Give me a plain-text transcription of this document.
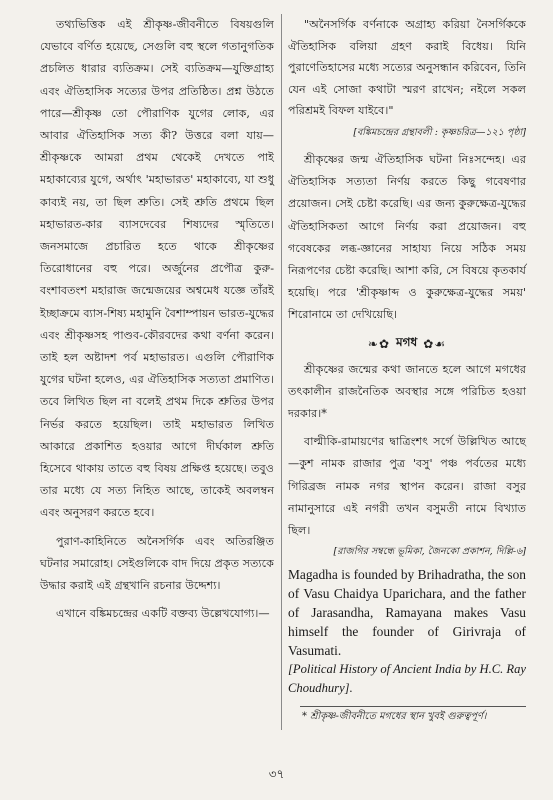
তথ্যভিত্তিক এই শ্রীকৃষ্ণ-জীবনীতে বিষয়গুলি যেভাবে বর্ণিত হয়েছে, সেগুলি বহু স্থলে গতানুগতিক প্রচলিত ধারার ব্যতিক্রম। সেই ব্যতিক্রম—যুক্তিগ্রাহ্য এবং ঐতিহাসিক সত্যের উপর প্রতিষ্ঠিত। প্রশ্ন উঠতে পারে—শ্রীকৃষ্ণ তো পৌরাণিক যুগের লোক, এর আবার ঐতিহাসিক সত্য কী? উত্তরে বলা যায়—শ্রীকৃষ্ণকে আমরা প্রথম থেকেই দেখতে পাই মহাকাব্যের যুগে, অর্থাৎ 'মহাভারত' মহাকাব্যে, যা শুধু কাব্যই নয়, তা ছিল শ্রুতি। সেই শ্রুতি প্রথমে ছিল মহাভারত-কার ব্যাসদেবের শিষ্যদের স্মৃতিতে। জনসমাজে প্রচারিত হতে থাকে শ্রীকৃষ্ণের তিরোধানের বহু পরে। অর্জুনের প্রপৌত্র কুরু-বংশাবতংশ মহারাজ জন্মেজয়ের অশ্বমেধ যজ্ঞে তাঁরই ইচ্ছাক্রমে ব্যাস-শিষ্য মহামুনি বৈশাম্পায়ন ভারত-যুদ্ধের এবং শ্রীকৃষ্ণসহ পাণ্ডব-কৌরবদের কথা বর্ণনা করেন। তাই হল অষ্টাদশ পর্ব মহাভারত। এগুলি পৌরাণিক যুগের ঘটনা হলেও, এর ঐতিহাসিক সত্যতা প্রমাণিত। তবে লিখিত ছিল না বলেই প্রথম দিকে শ্রুতির উপর নির্ভর করতে হয়েছিল। তাই মহাভারত লিখিত আকারে প্রকাশিত হওয়ার আগে দীর্ঘকাল শ্রুতি হিসেবে থাকায় তাতে বহু বিষয় প্রক্ষিপ্ত হয়েছে। তবুও তার মধ্যে যে সত্য নিহিত আছে, তাকেই অবলম্বন এবং অনুসরণ করতে হবে।

পুরাণ-কাহিনিতে অনৈসর্গিক এবং অতিরঞ্জিত ঘটনার সমারোহ। সেইগুলিকে বাদ দিয়ে প্রকৃত সত্যকে উদ্ধার করাই এই গ্রন্থখানি রচনার উদ্দেশ্য।

এখানে বঙ্কিমচন্দ্রের একটি বক্তব্য উল্লেখযোগ্য।—

"অনৈসর্গিক বর্ণনাকে অগ্রাহ্য করিয়া নৈসর্গিককে ঐতিহাসিক বলিয়া গ্রহণ করাই বিধেয়। যিনি পুরাণেতিহাসের মধ্যে সত্যের অনুসন্ধান করিবেন, তিনি যেন এই সোজা কথাটা স্মরণ রাখেন; নইলে সকল পরিশ্রমই বিফল যাইবে।"

[বঙ্কিমচন্দ্রের গ্রন্থাবলী : কৃষ্ণচরিত্র—১২১ পৃষ্ঠা]

শ্রীকৃষ্ণের জন্ম ঐতিহাসিক ঘটনা নিঃসন্দেহ। এর ঐতিহাসিক সত্যতা নির্ণয় করতে কিছু গবেষণার প্রয়োজন। সেই চেষ্টা করেছি। এর জন্য কুরুক্ষেত্র-যুদ্ধের ঐতিহাসিকতা আগে নির্ণয় করা প্রয়োজন। বহু গবেষকের লব্ধ-জ্ঞানের সাহায্য নিয়ে সঠিক সময় নিরূপণের চেষ্টা করেছি। আশা করি, সে বিষয়ে কৃতকার্য হয়েছি। পরে 'শ্রীকৃষ্ণাব্দ ও কুরুক্ষেত্র-যুদ্ধের সময়' শিরোনামে তা দেখিয়েছি।

❧✿ মগধ ✿☙

শ্রীকৃষ্ণের জন্মের কথা জানতে হলে আগে মগধের তৎকালীন রাজনৈতিক অবস্থার সঙ্গে পরিচিত হওয়া দরকার।*

বাল্মীকি-রামায়ণের দ্বাত্রিংশৎ সর্গে উল্লিখিত আছে—কুশ নামক রাজার পুত্র 'বসু' পঞ্চ পর্বতের মধ্যে গিরিব্রজ নামক নগর স্থাপন করেন। রাজা বসুর নামানুসারে এই নগরী তখন বসুমতী নামে বিখ্যাত ছিল।

[রাজগির সম্বন্ধে ভূমিকা, জৈনকো প্রকাশন, দিল্লি-৬]

Magadha is founded by Brihadratha, the son of Vasu Chaidya Uparichara, and the father of Jarasandha, Ramayana makes Vasu himself the founder of Girivraja of Vasumati.

[Political History of Ancient India by H.C. Ray Choudhury].

* শ্রীকৃষ্ণ-জীবনীতে মগধের স্থান খুবই গুরুত্বপূর্ণ।
৩৭
